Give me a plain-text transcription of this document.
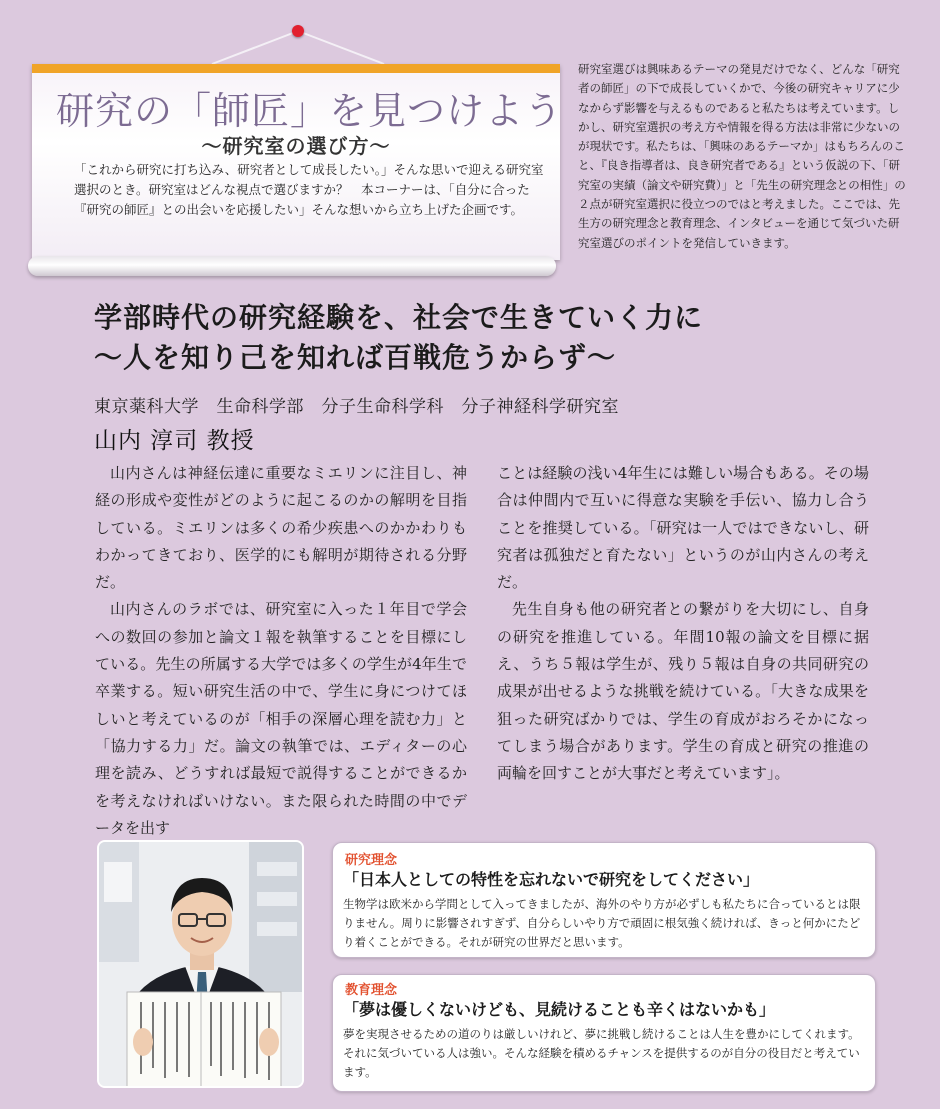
研究の「師匠」を見つけよう
〜研究室の選び方〜
「これから研究に打ち込み、研究者として成長したい。」そんな思いで迎える研究室選択のとき。研究室はどんな視点で選びますか？　本コーナーは、「自分に合った『研究の師匠』との出会いを応援したい」そんな想いから立ち上げた企画です。
研究室選びは興味あるテーマの発見だけでなく、どんな「研究者の師匠」の下で成長していくかで、今後の研究キャリアに少なからず影響を与えるものであると私たちは考えています。しかし、研究室選択の考え方や情報を得る方法は非常に少ないのが現状です。私たちは、「興味のあるテーマか」はもちろんのこと、『良き指導者は、良き研究者である』という仮説の下、「研究室の実績（論文や研究費）」と「先生の研究理念との相性」の２点が研究室選択に役立つのではと考えました。ここでは、先生方の研究理念と教育理念、インタビューを通じて気づいた研究室選びのポイントを発信していきます。
学部時代の研究経験を、社会で生きていく力に
〜人を知り己を知れば百戦危うからず〜
東京薬科大学　生命科学部　分子生命科学科　分子神経科学研究室
山内 淳司 教授

山内さんは神経伝達に重要なミエリンに注目し、神経の形成や変性がどのように起こるのかの解明を目指している。ミエリンは多くの希少疾患へのかかわりもわかってきており、医学的にも解明が期待される分野だ。

山内さんのラボでは、研究室に入った１年目で学会への数回の参加と論文１報を執筆することを目標にしている。先生の所属する大学では多くの学生が4年生で卒業する。短い研究生活の中で、学生に身につけてほしいと考えているのが「相手の深層心理を読む力」と「協力する力」だ。論文の執筆では、エディターの心理を読み、どうすれば最短で説得することができるかを考えなければいけない。また限られた時間の中でデータを出す

ことは経験の浅い4年生には難しい場合もある。その場合は仲間内で互いに得意な実験を手伝い、協力し合うことを推奨している。「研究は一人ではできないし、研究者は孤独だと育たない」というのが山内さんの考えだ。

先生自身も他の研究者との繋がりを大切にし、自身の研究を推進している。年間10報の論文を目標に据え、うち５報は学生が、残り５報は自身の共同研究の成果が出せるような挑戦を続けている。「大きな成果を狙った研究ばかりでは、学生の育成がおろそかになってしまう場合があります。学生の育成と研究の推進の両輪を回すことが大事だと考えています」。

研究理念
「日本人としての特性を忘れないで研究をしてください」
生物学は欧米から学問として入ってきましたが、海外のやり方が必ずしも私たちに合っているとは限りません。周りに影響されすぎず、自分らしいやり方で頑固に根気強く続ければ、きっと何かにたどり着くことができる。それが研究の世界だと思います。
教育理念
「夢は優しくないけども、見続けることも辛くはないかも」
夢を実現させるための道のりは厳しいけれど、夢に挑戦し続けることは人生を豊かにしてくれます。それに気づいている人は強い。そんな経験を積めるチャンスを提供するのが自分の役目だと考えています。
